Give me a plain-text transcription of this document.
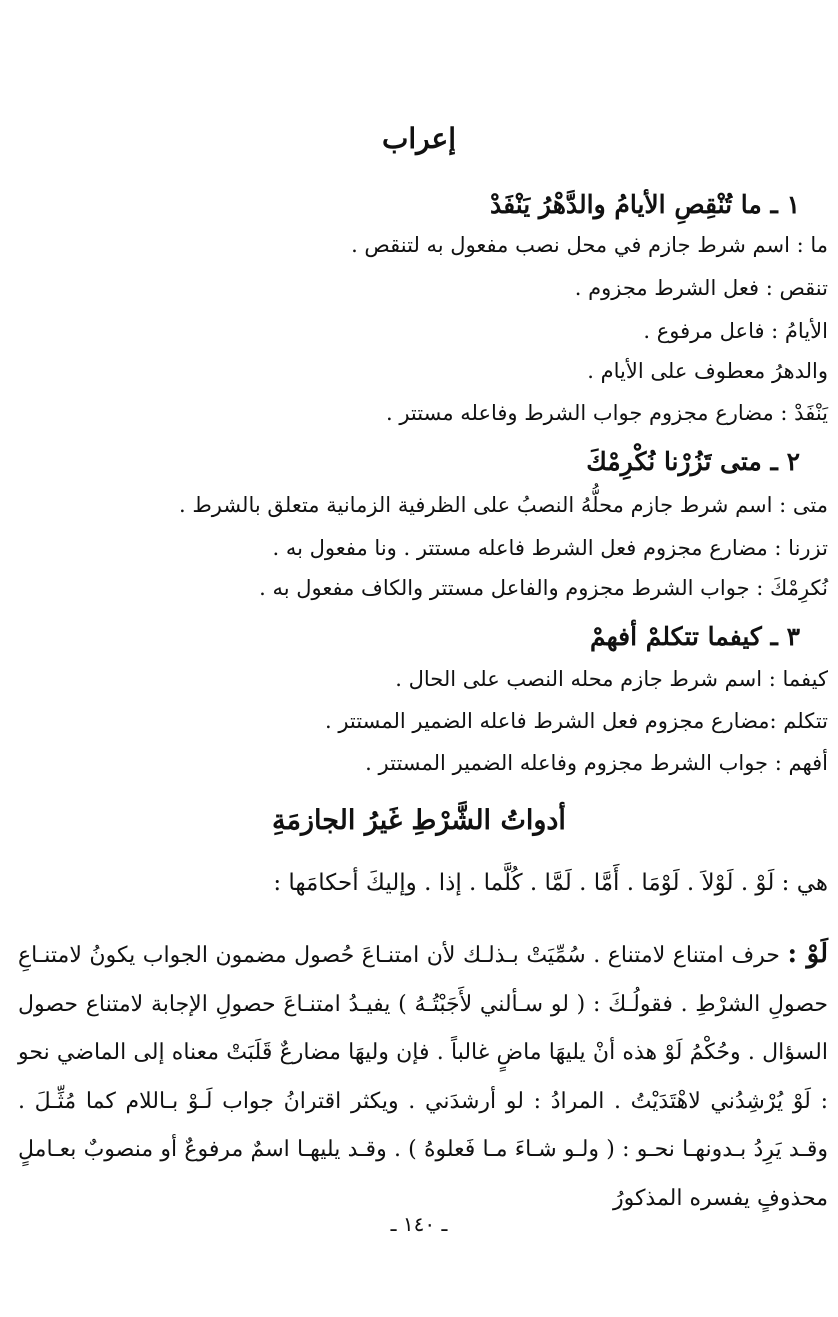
إعراب
١ ـ ما تُنْقِصِ الأيامُ والدَّهْرُ يَنْفَدْ

ما : اسم شرط جازم في محل نصب مفعول به لتنقص .

تنقص : فعل الشرط مجزوم .

الأيامُ : فاعل مرفوع .

والدهرُ معطوف على الأيام .

يَنْفَدْ : مضارع مجزوم جواب الشرط وفاعله مستتر .

٢ ـ متى تَزُرْنا نُكْرِمْكَ

متى : اسم شرط جازم محلُّهُ النصبُ على الظرفية الزمانية متعلق بالشرط .

تزرنا : مضارع مجزوم فعل الشرط فاعله مستتر . ونا مفعول به .

نُكرِمْكَ : جواب الشرط مجزوم والفاعل مستتر والكاف مفعول به .

٣ ـ كيفما تتكلمْ أفهمْ

كيفما : اسم شرط جازم محله النصب على الحال .

تتكلم :مضارع مجزوم فعل الشرط فاعله الضمير المستتر .

أفهم : جواب الشرط مجزوم وفاعله الضمير المستتر .

أدواتُ الشَّرْطِ غَيرُ الجازمَةِ

هي : لَوْ . لَوْلاَ . لَوْمَا . أَمَّا . لَمَّا . كُلَّما . إذا . وإليكَ أحكامَها :

لَوْ : حرف امتناع لامتناع . سُمِّيَتْ بـذلـك لأن امتنـاعَ حُصول مضمون الجواب يكونُ لامتنـاعِ حصولِ الشرْطِ . فقولُـكَ : ( لو سـألني لأَجَبْتُـهُ ) يفيـدُ امتنـاعَ حصولِ الإجابة لامتناع حصول السؤال . وحُكْمُ لَوْ هذه أنْ يليهَا ماضٍ غالباً . فإن وليهَا مضارعٌ قَلَبَتْ معناه إلى الماضي نحو : لَوْ يُرْشِدُني لاهْتَدَيْتُ . المرادُ : لو أرشدَني . ويكثر اقترانُ جواب لَـوْ بـاللام كما مُثِّـلَ . وقـد يَرِدُ بـدونهـا نحـو : ( ولـو شـاءَ مـا فَعلوهُ ) . وقـد يليهـا اسمٌ مرفوعٌ أو منصوبٌ بعـاملٍ محذوفٍ يفسره المذكورُ

ـ ١٤٠ ـ
